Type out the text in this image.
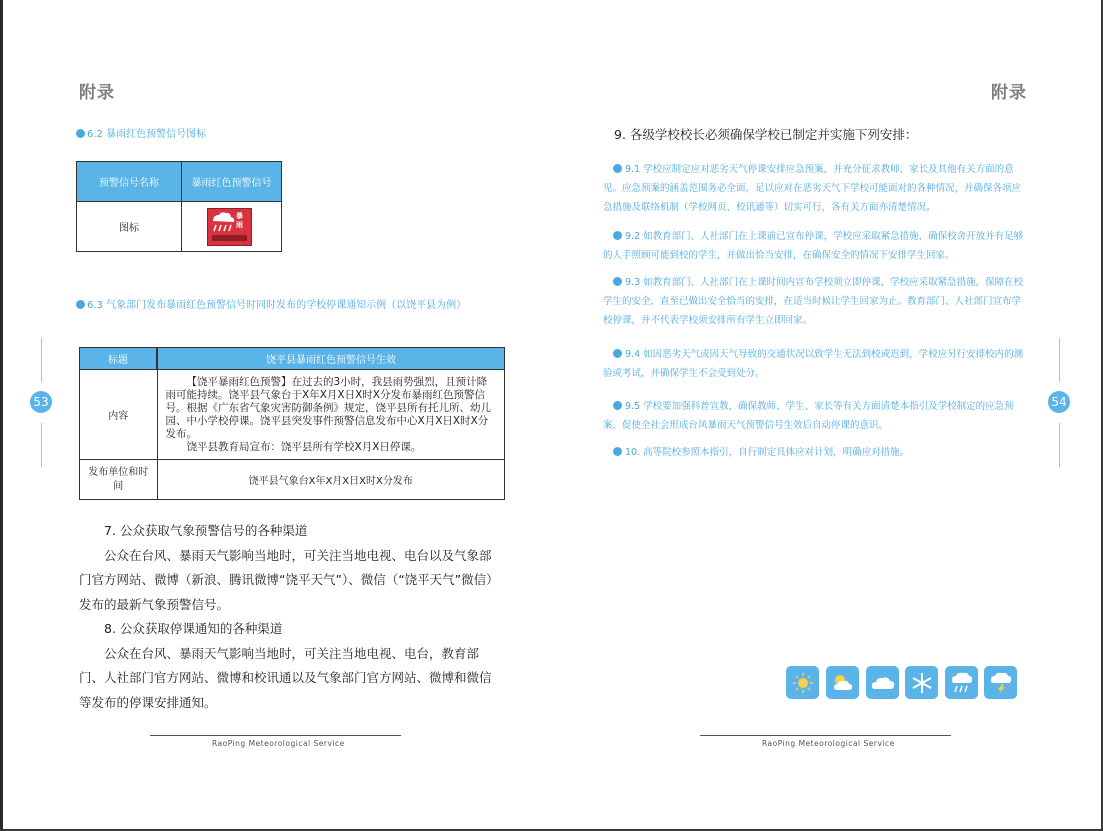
附录
6.2 暴雨红色预警信号图标
预警信号名称	暴雨红色预警信号
图标	
暴雨
6.3 气象部门发布暴雨红色预警信号时同时发布的学校停课通知示例（以饶平县为例）
标题	饶平县暴雨红色预警信号生效
内容	【饶平暴雨红色预警】在过去的3小时，我县雨势强烈，且预计降雨可能持续。饶平县气象台于X年X月X日X时X分发布暴雨红色预警信号。根据《广东省气象灾害防御条例》规定，饶平县所有托儿所、幼儿园、中小学校停课。饶平县突发事件预警信息发布中心X月X日X时X分发布。
饶平县教育局宣布：饶平县所有学校X月X日停课。

发布单位和时间	饶平县气象台X年X月X日X时X分发布

7. 公众获取气象预警信号的各种渠道

公众在台风、暴雨天气影响当地时，可关注当地电视、电台以及气象部门官方网站、微博（新浪、腾讯微博“饶平天气”）、微信（“饶平天气”微信）发布的最新气象预警信号。

8. 公众获取停课通知的各种渠道

公众在台风、暴雨天气影响当地时，可关注当地电视、电台，教育部门、人社部门官方网站、微博和校讯通以及气象部门官方网站、微博和微信等发布的停课安排通知。

53
RaoPing Meteorological Service
附录
9. 各级学校校长必须确保学校已制定并实施下列安排：
9.1 学校应制定应对恶劣天气停课安排应急预案，并充分征求教师、家长及其他有关方面的意见。应急预案的涵盖范围务必全面，足以应对在恶劣天气下学校可能面对的各种情况，并确保各项应急措施及联络机制（学校网页、校讯通等）切实可行，各有关方面亦清楚情况。
9.2 如教育部门、人社部门在上课前已宣布停课，学校应采取紧急措施，确保校舍开放并有足够的人手照顾可能到校的学生，并做出恰当安排，在确保安全的情况下安排学生回家。
9.3 如教育部门、人社部门在上课时间内宣布学校须立即停课，学校应采取紧急措施，保障在校学生的安全，直至已做出安全恰当的安排，在适当时候让学生回家为止。教育部门、人社部门宣布学校停课，并不代表学校须安排所有学生立即回家。
9.4 如因恶劣天气或因天气导致的交通状况以致学生无法到校或迟到，学校应另行安排校内的测验或考试，并确保学生不会受到处分。
9.5 学校要加强科普宣教，确保教师、学生、家长等有关方面清楚本指引及学校制定的应急预案，促使全社会形成台风暴雨天气预警信号生效后自动停课的意识。
10. 高等院校参照本指引，自行制定具体应对计划，明确应对措施。
54
RaoPing Meteorological Service
